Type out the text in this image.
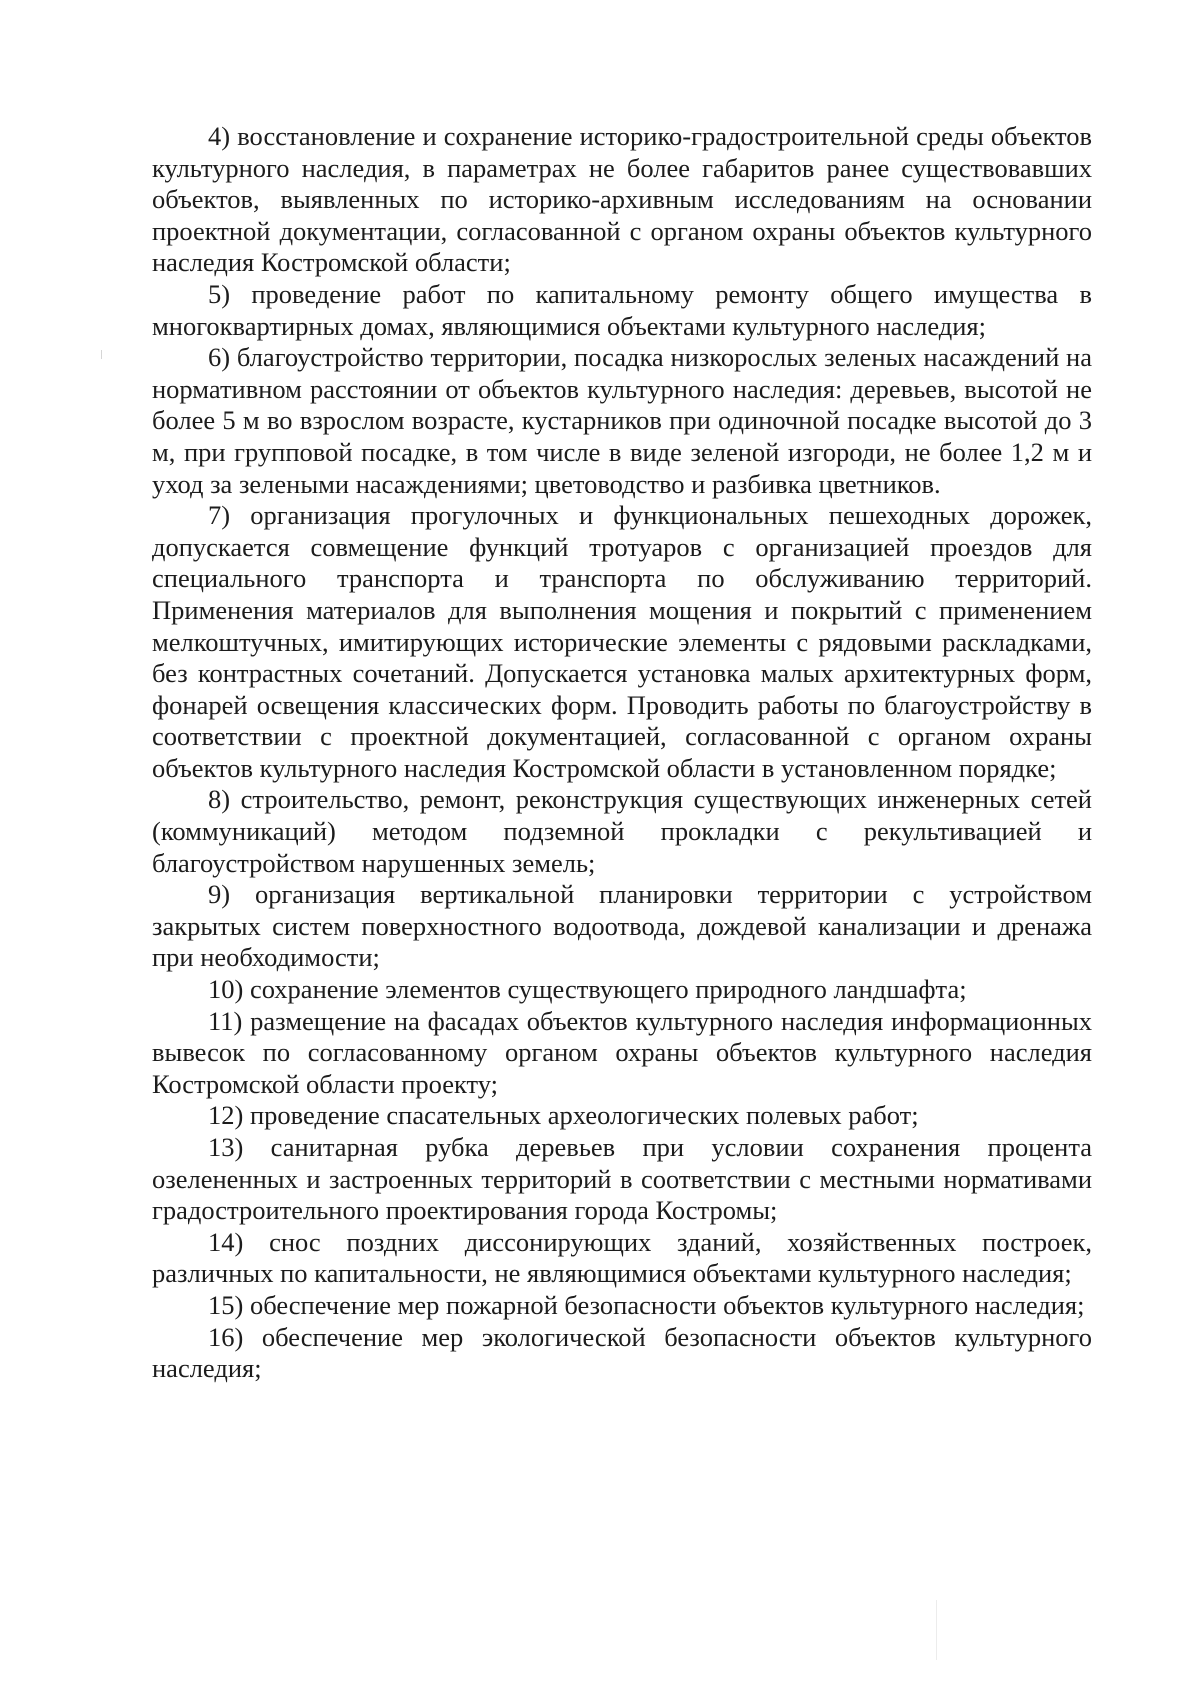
4) восстановление и сохранение историко-градостроительной среды объектов культурного наследия, в параметрах не более габаритов ранее существовавших объектов, выявленных по историко-архивным исследованиям на основании проектной документации, согласованной с органом охраны объектов культурного наследия Костромской области;

5) проведение работ по капитальному ремонту общего имущества в многоквартирных домах, являющимися объектами культурного наследия;

6) благоустройство территории, посадка низкорослых зеленых насаждений на нормативном расстоянии от объектов культурного наследия: деревьев, высотой не более 5 м во взрослом возрасте, кустарников при одиночной посадке высотой до 3 м, при групповой посадке, в том числе в виде зеленой изгороди, не более 1,2 м и уход за зелеными насаждениями; цветоводство и разбивка цветников.

7) организация прогулочных и функциональных пешеходных дорожек, допускается совмещение функций тротуаров с организацией проездов для специального транспорта и транспорта по обслуживанию территорий. Применения материалов для выполнения мощения и покрытий с применением мелкоштучных, имитирующих исторические элементы с рядовыми раскладками, без контрастных сочетаний. Допускается установка малых архитектурных форм, фонарей освещения классических форм. Проводить работы по благоустройству в соответствии с проектной документацией, согласованной с органом охраны объектов культурного наследия Костромской области в установленном порядке;

8) строительство, ремонт, реконструкция существующих инженерных сетей (коммуникаций) методом подземной прокладки с рекультивацией и благоустройством нарушенных земель;

9) организация вертикальной планировки территории с устройством закрытых систем поверхностного водоотвода, дождевой канализации и дренажа при необходимости;

10) сохранение элементов существующего природного ландшафта;

11) размещение на фасадах объектов культурного наследия информационных вывесок по согласованному органом охраны объектов культурного наследия Костромской области проекту;

12) проведение спасательных археологических полевых работ;

13) санитарная рубка деревьев при условии сохранения процента озелененных и застроенных территорий в соответствии с местными нормативами градостроительного проектирования города Костромы;

14) снос поздних диссонирующих зданий, хозяйственных построек, различных по капитальности, не являющимися объектами культурного наследия;

15) обеспечение мер пожарной безопасности объектов культурного наследия;

16) обеспечение мер экологической безопасности объектов культурного наследия;
